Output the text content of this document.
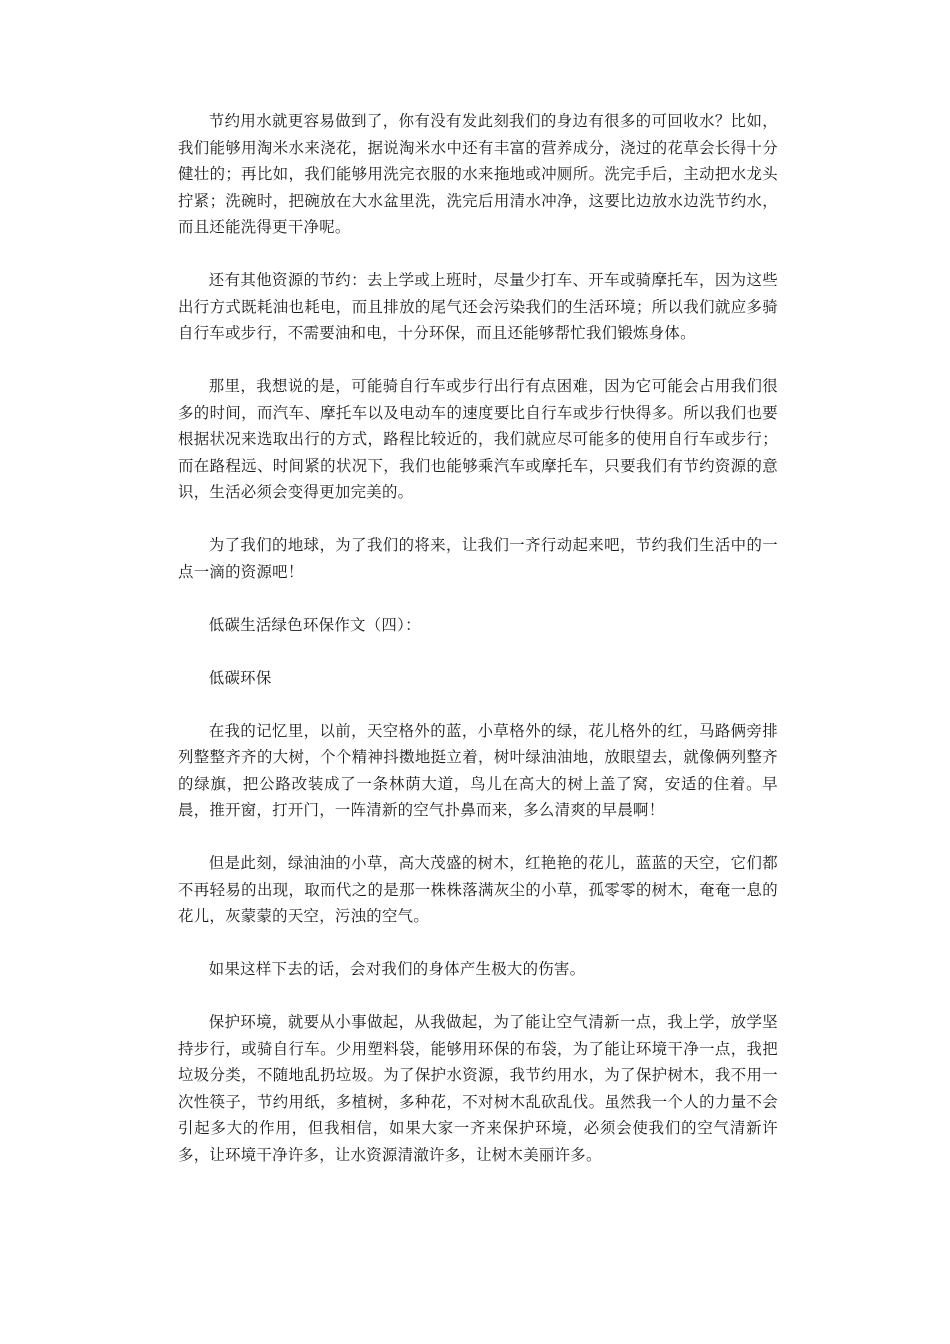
节约用水就更容易做到了，你有没有发此刻我们的身边有很多的可回收水？比如，我们能够用淘米水来浇花，据说淘米水中还有丰富的营养成分，浇过的花草会长得十分健壮的；再比如，我们能够用洗完衣服的水来拖地或冲厕所。洗完手后，主动把水龙头拧紧；洗碗时，把碗放在大水盆里洗，洗完后用清水冲净，这要比边放水边洗节约水，而且还能洗得更干净呢。

还有其他资源的节约：去上学或上班时，尽量少打车、开车或骑摩托车，因为这些出行方式既耗油也耗电，而且排放的尾气还会污染我们的生活环境；所以我们就应多骑自行车或步行，不需要油和电，十分环保，而且还能够帮忙我们锻炼身体。

那里，我想说的是，可能骑自行车或步行出行有点困难，因为它可能会占用我们很多的时间，而汽车、摩托车以及电动车的速度要比自行车或步行快得多。所以我们也要根据状况来选取出行的方式，路程比较近的，我们就应尽可能多的使用自行车或步行；而在路程远、时间紧的状况下，我们也能够乘汽车或摩托车，只要我们有节约资源的意识，生活必须会变得更加完美的。

为了我们的地球，为了我们的将来，让我们一齐行动起来吧，节约我们生活中的一点一滴的资源吧！

低碳生活绿色环保作文（四）：

低碳环保

在我的记忆里，以前，天空格外的蓝，小草格外的绿，花儿格外的红，马路俩旁排列整整齐齐的大树，个个精神抖擞地挺立着，树叶绿油油地，放眼望去，就像俩列整齐的绿旗，把公路改装成了一条林荫大道，鸟儿在高大的树上盖了窝，安适的住着。早晨，推开窗，打开门，一阵清新的空气扑鼻而来，多么清爽的早晨啊！

但是此刻，绿油油的小草，高大茂盛的树木，红艳艳的花儿，蓝蓝的天空，它们都不再轻易的出现，取而代之的是那一株株落满灰尘的小草，孤零零的树木，奄奄一息的花儿，灰蒙蒙的天空，污浊的空气。

如果这样下去的话，会对我们的身体产生极大的伤害。

保护环境，就要从小事做起，从我做起，为了能让空气清新一点，我上学，放学坚持步行，或骑自行车。少用塑料袋，能够用环保的布袋，为了能让环境干净一点，我把垃圾分类，不随地乱扔垃圾。为了保护水资源，我节约用水，为了保护树木，我不用一次性筷子，节约用纸，多植树，多种花，不对树木乱砍乱伐。虽然我一个人的力量不会引起多大的作用，但我相信，如果大家一齐来保护环境，必须会使我们的空气清新许多，让环境干净许多，让水资源清澈许多，让树木美丽许多。
